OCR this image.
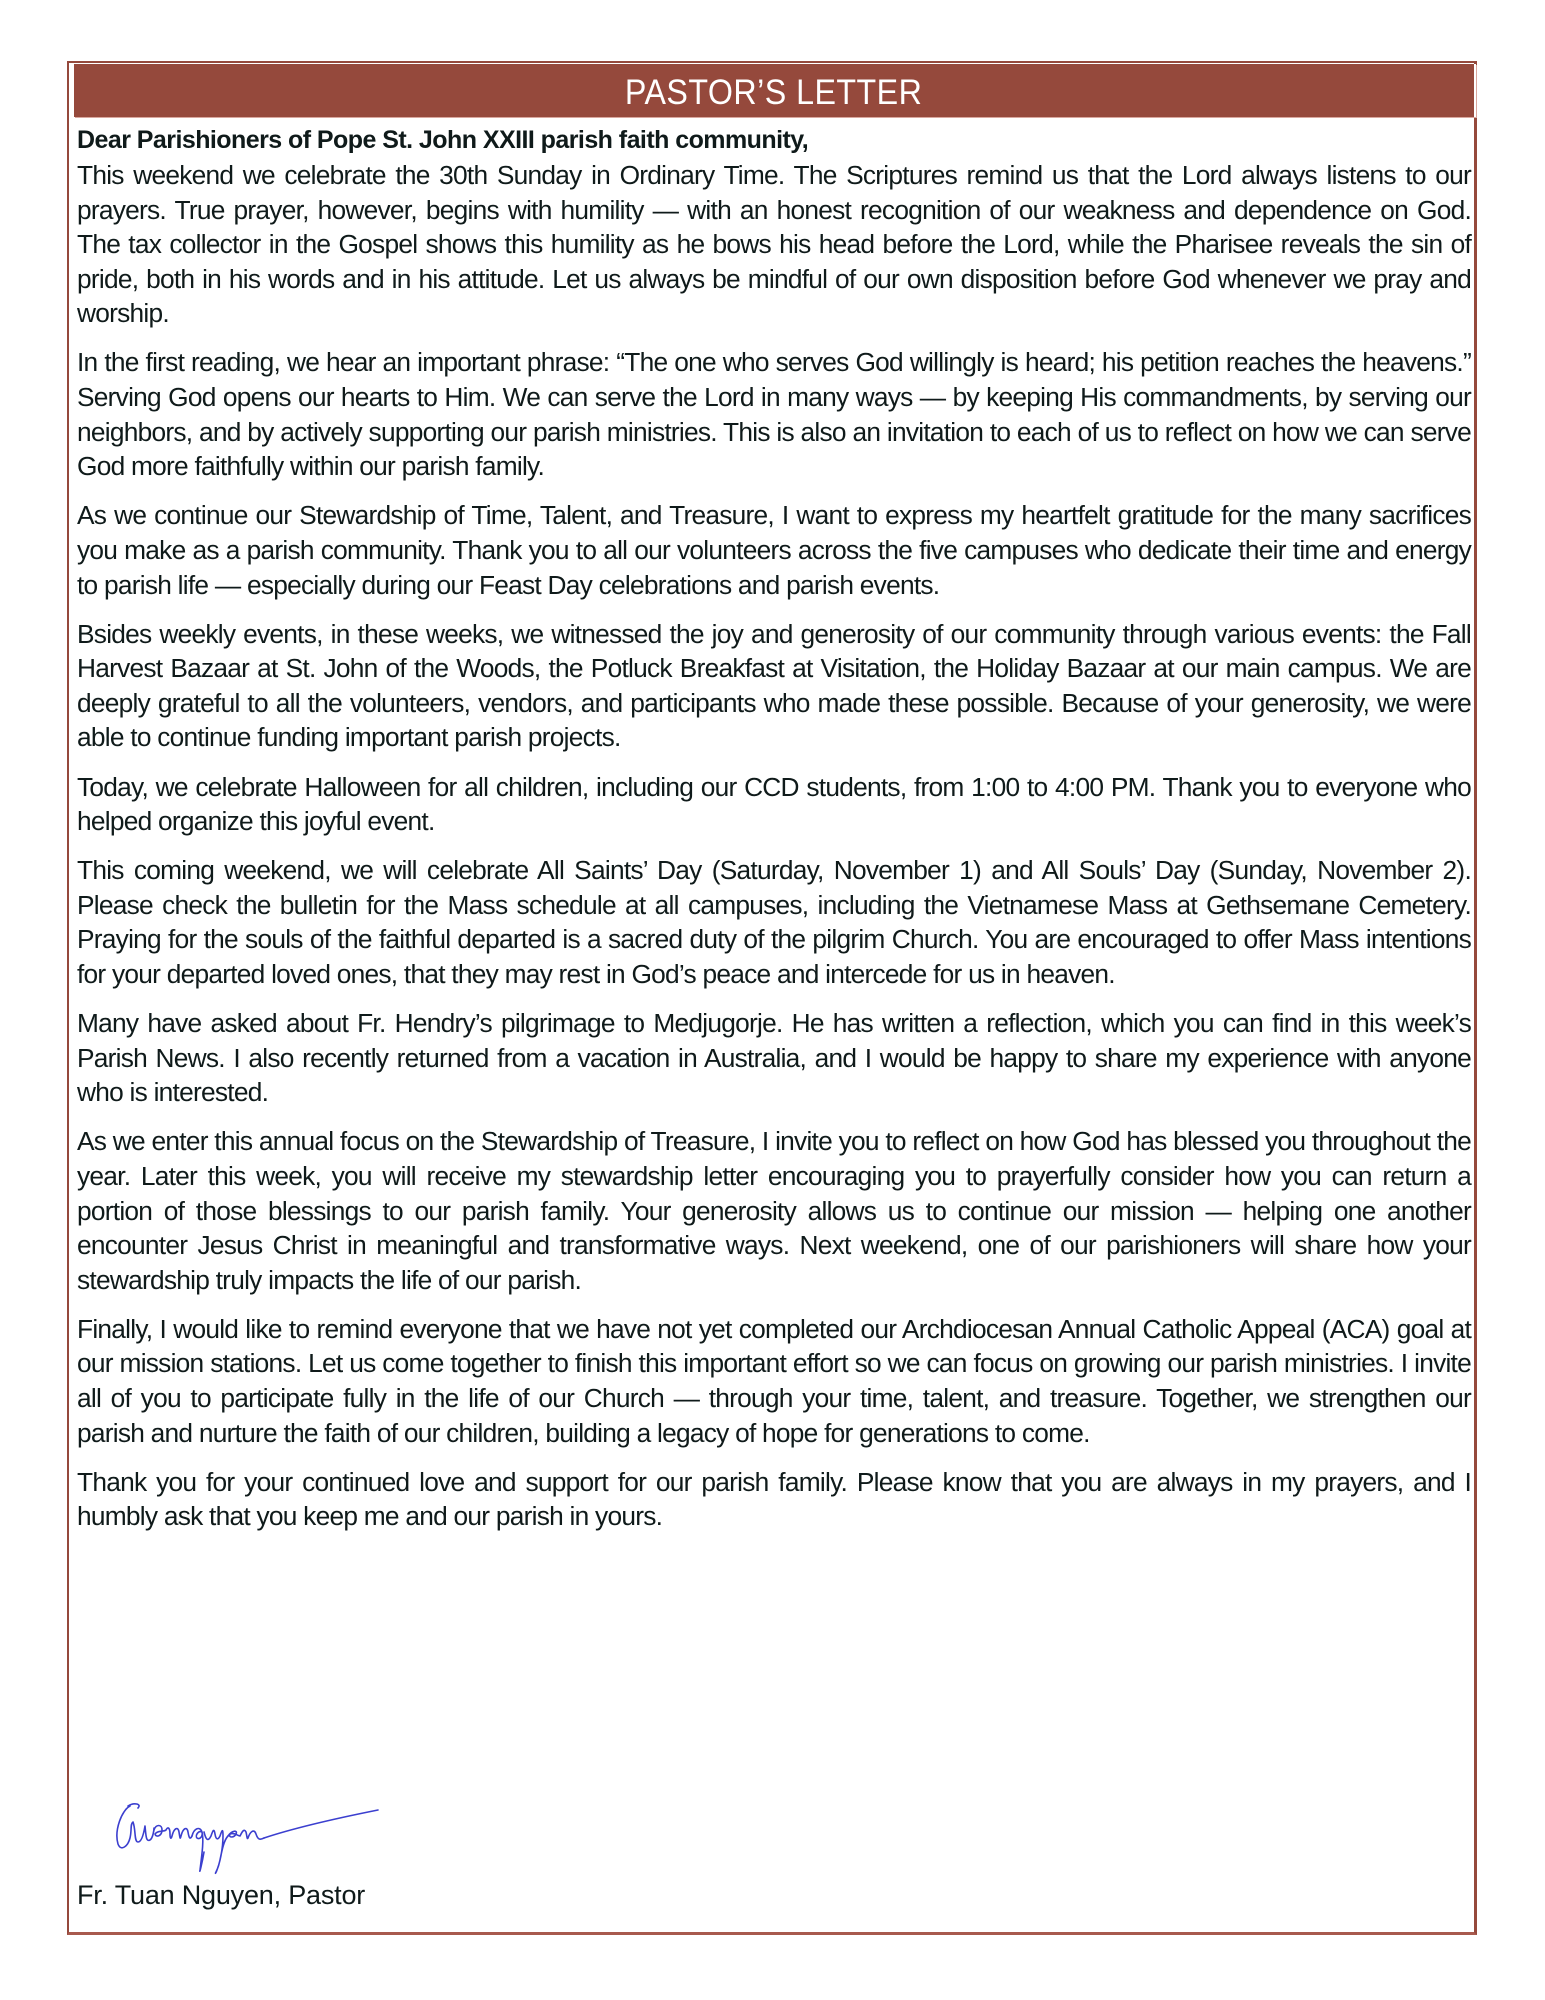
PASTOR’S LETTER

Dear Parishioners of Pope St. John XXIII parish faith community,

This weekend we celebrate the 30th Sunday in Ordinary Time. The Scriptures remind us that the Lord always listens to our prayers. True prayer, however, begins with humility — with an honest recognition of our weakness and dependence on God. The tax collector in the Gospel shows this humility as he bows his head before the Lord, while the Pharisee reveals the sin of pride, both in his words and in his attitude. Let us always be mindful of our own disposition before God whenever we pray and worship.

In the first reading, we hear an important phrase: “The one who serves God willingly is heard; his petition reaches the heavens.” Serving God opens our hearts to Him. We can serve the Lord in many ways — by keeping His commandments, by serving our neighbors, and by actively supporting our parish ministries. This is also an invitation to each of us to reflect on how we can serve God more faithfully within our parish family.

As we continue our Stewardship of Time, Talent, and Treasure, I want to express my heartfelt gratitude for the many sacrifices you make as a parish community. Thank you to all our volunteers across the five campuses who dedicate their time and energy to parish life — especially during our Feast Day celebrations and parish events.

Bsides weekly events, in these weeks, we witnessed the joy and generosity of our community through various events: the Fall Harvest Bazaar at St. John of the Woods, the Potluck Breakfast at Visitation, the Holiday Bazaar at our main campus. We are deeply grateful to all the volunteers, vendors, and participants who made these possible. Because of your generosity, we were able to continue funding important parish projects.

Today, we celebrate Halloween for all children, including our CCD students, from 1:00 to 4:00 PM. Thank you to everyone who helped organize this joyful event.

This coming weekend, we will celebrate All Saints’ Day (Saturday, November 1) and All Souls’ Day (Sunday, November 2). Please check the bulletin for the Mass schedule at all campuses, including the Vietnamese Mass at Gethsemane Cemetery. Praying for the souls of the faithful departed is a sacred duty of the pilgrim Church. You are encouraged to offer Mass intentions for your departed loved ones, that they may rest in God’s peace and intercede for us in heaven.

Many have asked about Fr. Hendry’s pilgrimage to Medjugorje. He has written a reflection, which you can find in this week’s Parish News. I also recently returned from a vacation in Australia, and I would be happy to share my experience with anyone who is interested.

As we enter this annual focus on the Stewardship of Treasure, I invite you to reflect on how God has blessed you throughout the year. Later this week, you will receive my stewardship letter encouraging you to prayerfully consider how you can return a portion of those blessings to our parish family. Your generosity allows us to continue our mission — helping one another encounter Jesus Christ in meaningful and transformative ways. Next weekend, one of our parishioners will share how your stewardship truly impacts the life of our parish.

Finally, I would like to remind everyone that we have not yet completed our Archdiocesan Annual Catholic Appeal (ACA) goal at our mission stations. Let us come together to finish this important effort so we can focus on growing our parish ministries. I invite all of you to participate fully in the life of our Church — through your time, talent, and treasure. Together, we strengthen our parish and nurture the faith of our children, building a legacy of hope for generations to come.

Thank you for your continued love and support for our parish family. Please know that you are always in my prayers, and I humbly ask that you keep me and our parish in yours.

Fr. Tuan Nguyen, Pastor
